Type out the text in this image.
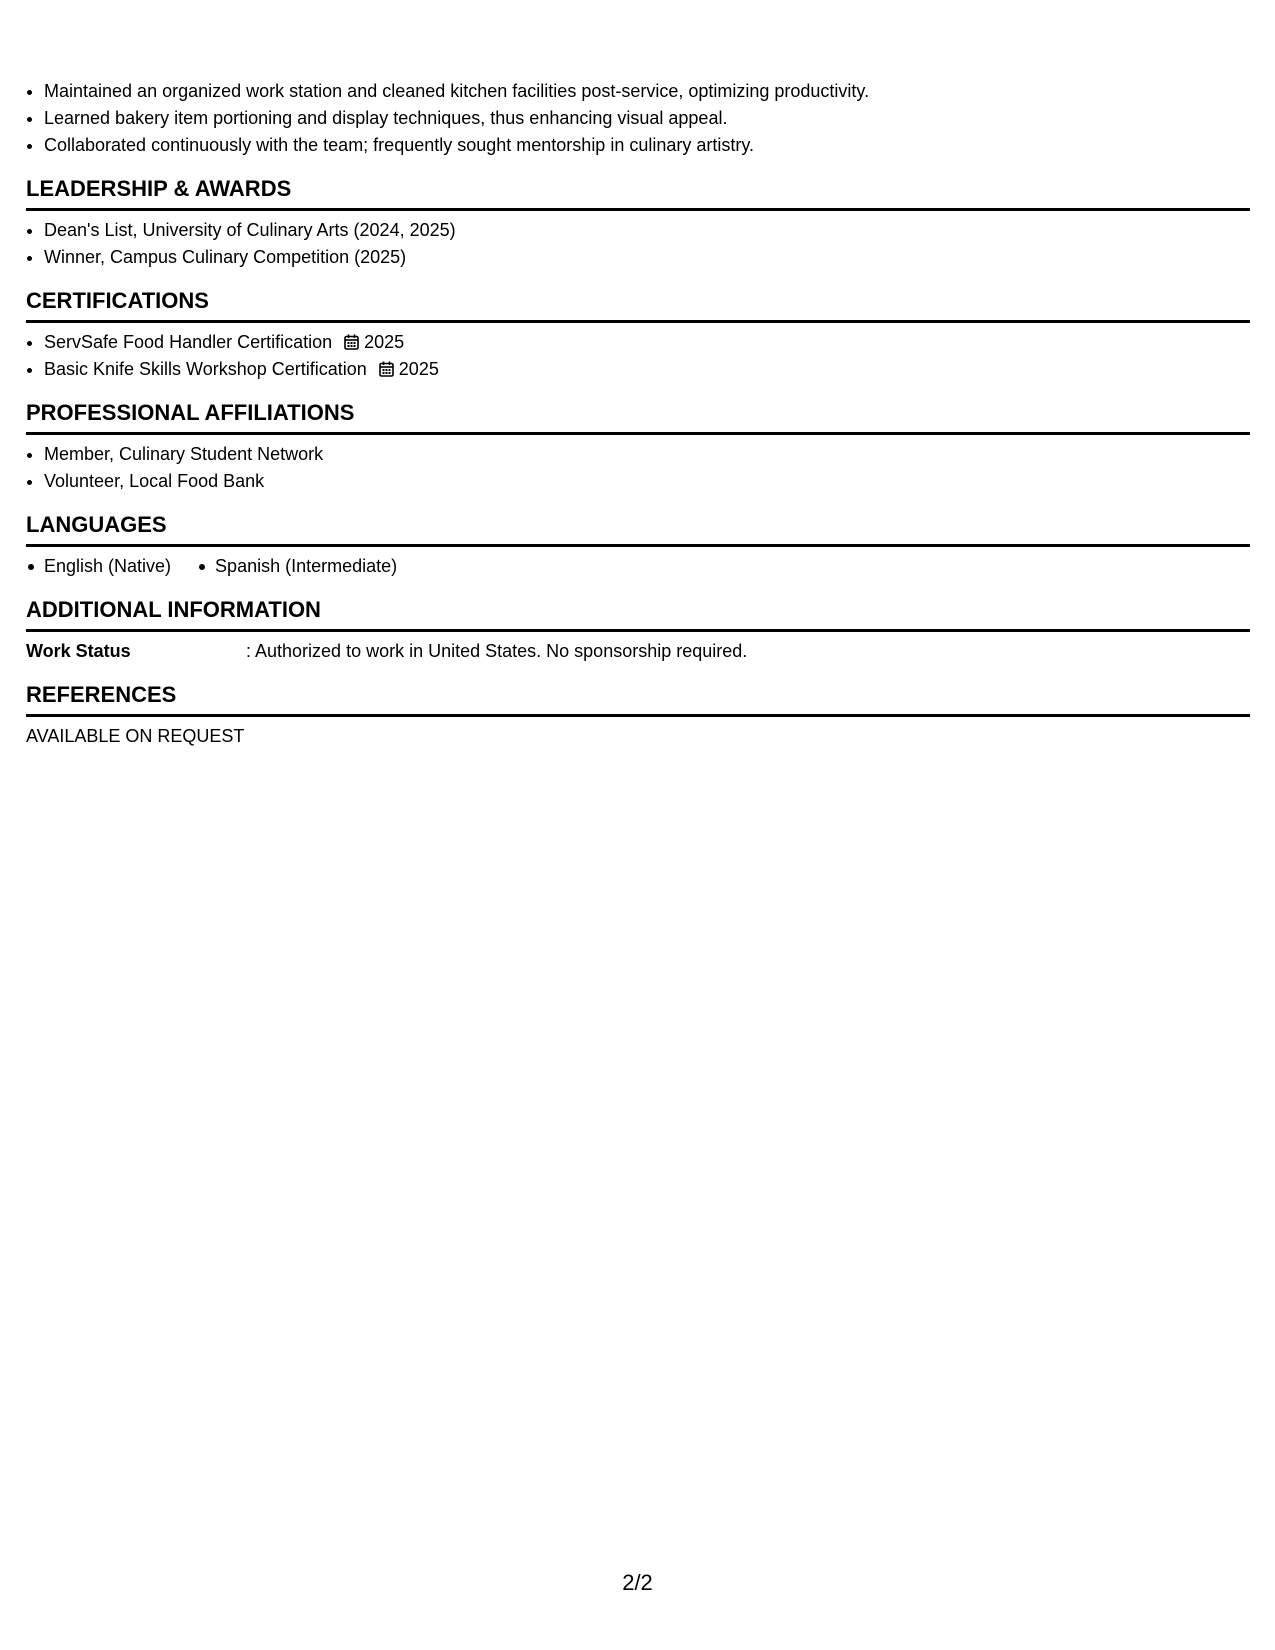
• Maintained an organized work station and cleaned kitchen facilities post-service, optimizing productivity.
• Learned bakery item portioning and display techniques, thus enhancing visual appeal.
• Collaborated continuously with the team; frequently sought mentorship in culinary artistry.
LEADERSHIP & AWARDS
• Dean's List, University of Culinary Arts (2024, 2025)
• Winner, Campus Culinary Competition (2025)
CERTIFICATIONS
• ServSafe Food Handler Certification 2025
• Basic Knife Skills Workshop Certification 2025
PROFESSIONAL AFFILIATIONS
• Member, Culinary Student Network
• Volunteer, Local Food Bank
LANGUAGES
English (Native)	Spanish (Intermediate)
ADDITIONAL INFORMATION
Work Status	: Authorized to work in United States. No sponsorship required.
REFERENCES
AVAILABLE ON REQUEST
2/2
